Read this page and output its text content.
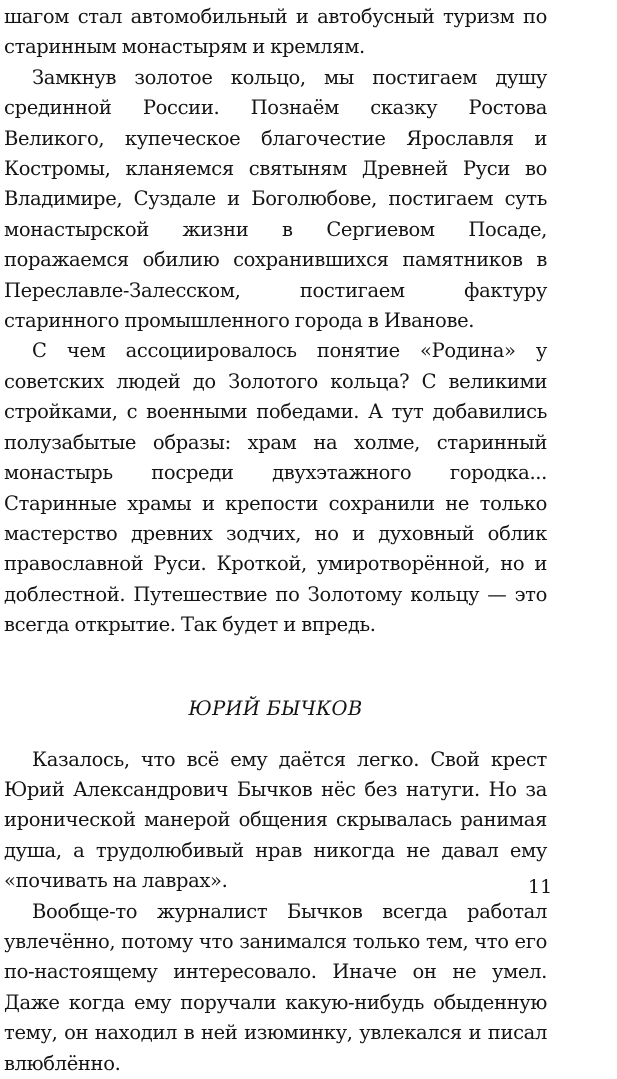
шагом стал автомобильный и автобусный туризм по старинным монастырям и кремлям.

Замкнув золотое кольцо, мы постигаем душу срединной России. Познаём сказку Ростова Великого, купеческое благочестие Ярославля и Костромы, кланяемся святыням Древней Руси во Владимире, Суздале и Боголюбове, постигаем суть монастырской жизни в Сергиевом Посаде, поражаемся обилию сохранившихся памятников в Переславле-Залесском, постигаем фактуру старинного промышленного города в Иванове.

С чем ассоциировалось понятие «Родина» у советских людей до Золотого кольца? С великими стройками, с военными победами. А тут добавились полузабытые образы: храм на холме, старинный монастырь посреди двухэтажного городка... Старинные храмы и крепости сохранили не только мастерство древних зодчих, но и духовный облик православной Руси. Кроткой, умиротворённой, но и доблестной. Путешествие по Золотому кольцу — это всегда открытие. Так будет и впредь.

ЮРИЙ БЫЧКОВ

Казалось, что всё ему даётся легко. Свой крест Юрий Александрович Бычков нёс без натуги. Но за иронической манерой общения скрывалась ранимая душа, а трудолюбивый нрав никогда не давал ему «почивать на лаврах».

Вообще-то журналист Бычков всегда работал увлечённо, потому что занимался только тем, что его по-настоящему интересовало. Иначе он не умел. Даже когда ему поручали какую-нибудь обыденную тему, он находил в ней изюминку, увлекался и писал влюблённо.

11
